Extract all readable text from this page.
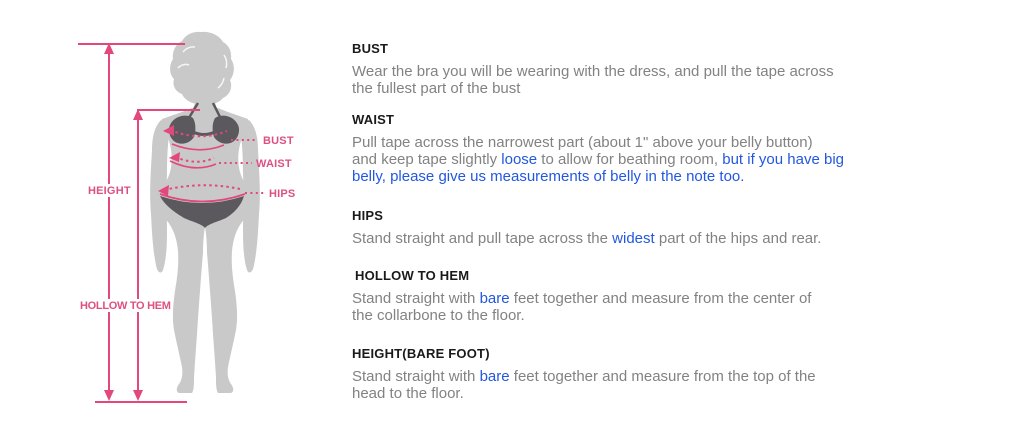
HEIGHT
HOLLOW TO HEM
BUST
WAIST
HIPS
BUST

Wear the bra you will be wearing with the dress, and pull the tape across
the fullest part of the bust

WAIST

Pull tape across the narrowest part (about 1" above your belly button)
and keep tape slightly loose to allow for beathing room, but if you have big
belly, please give us measurements of belly in the note too.

HIPS

Stand straight and pull tape across the widest part of the hips and rear.

HOLLOW TO HEM

Stand straight with bare feet together and measure from the center of
the collarbone to the floor.

HEIGHT(BARE FOOT)

Stand straight with bare feet together and measure from the top of the
head to the floor.
